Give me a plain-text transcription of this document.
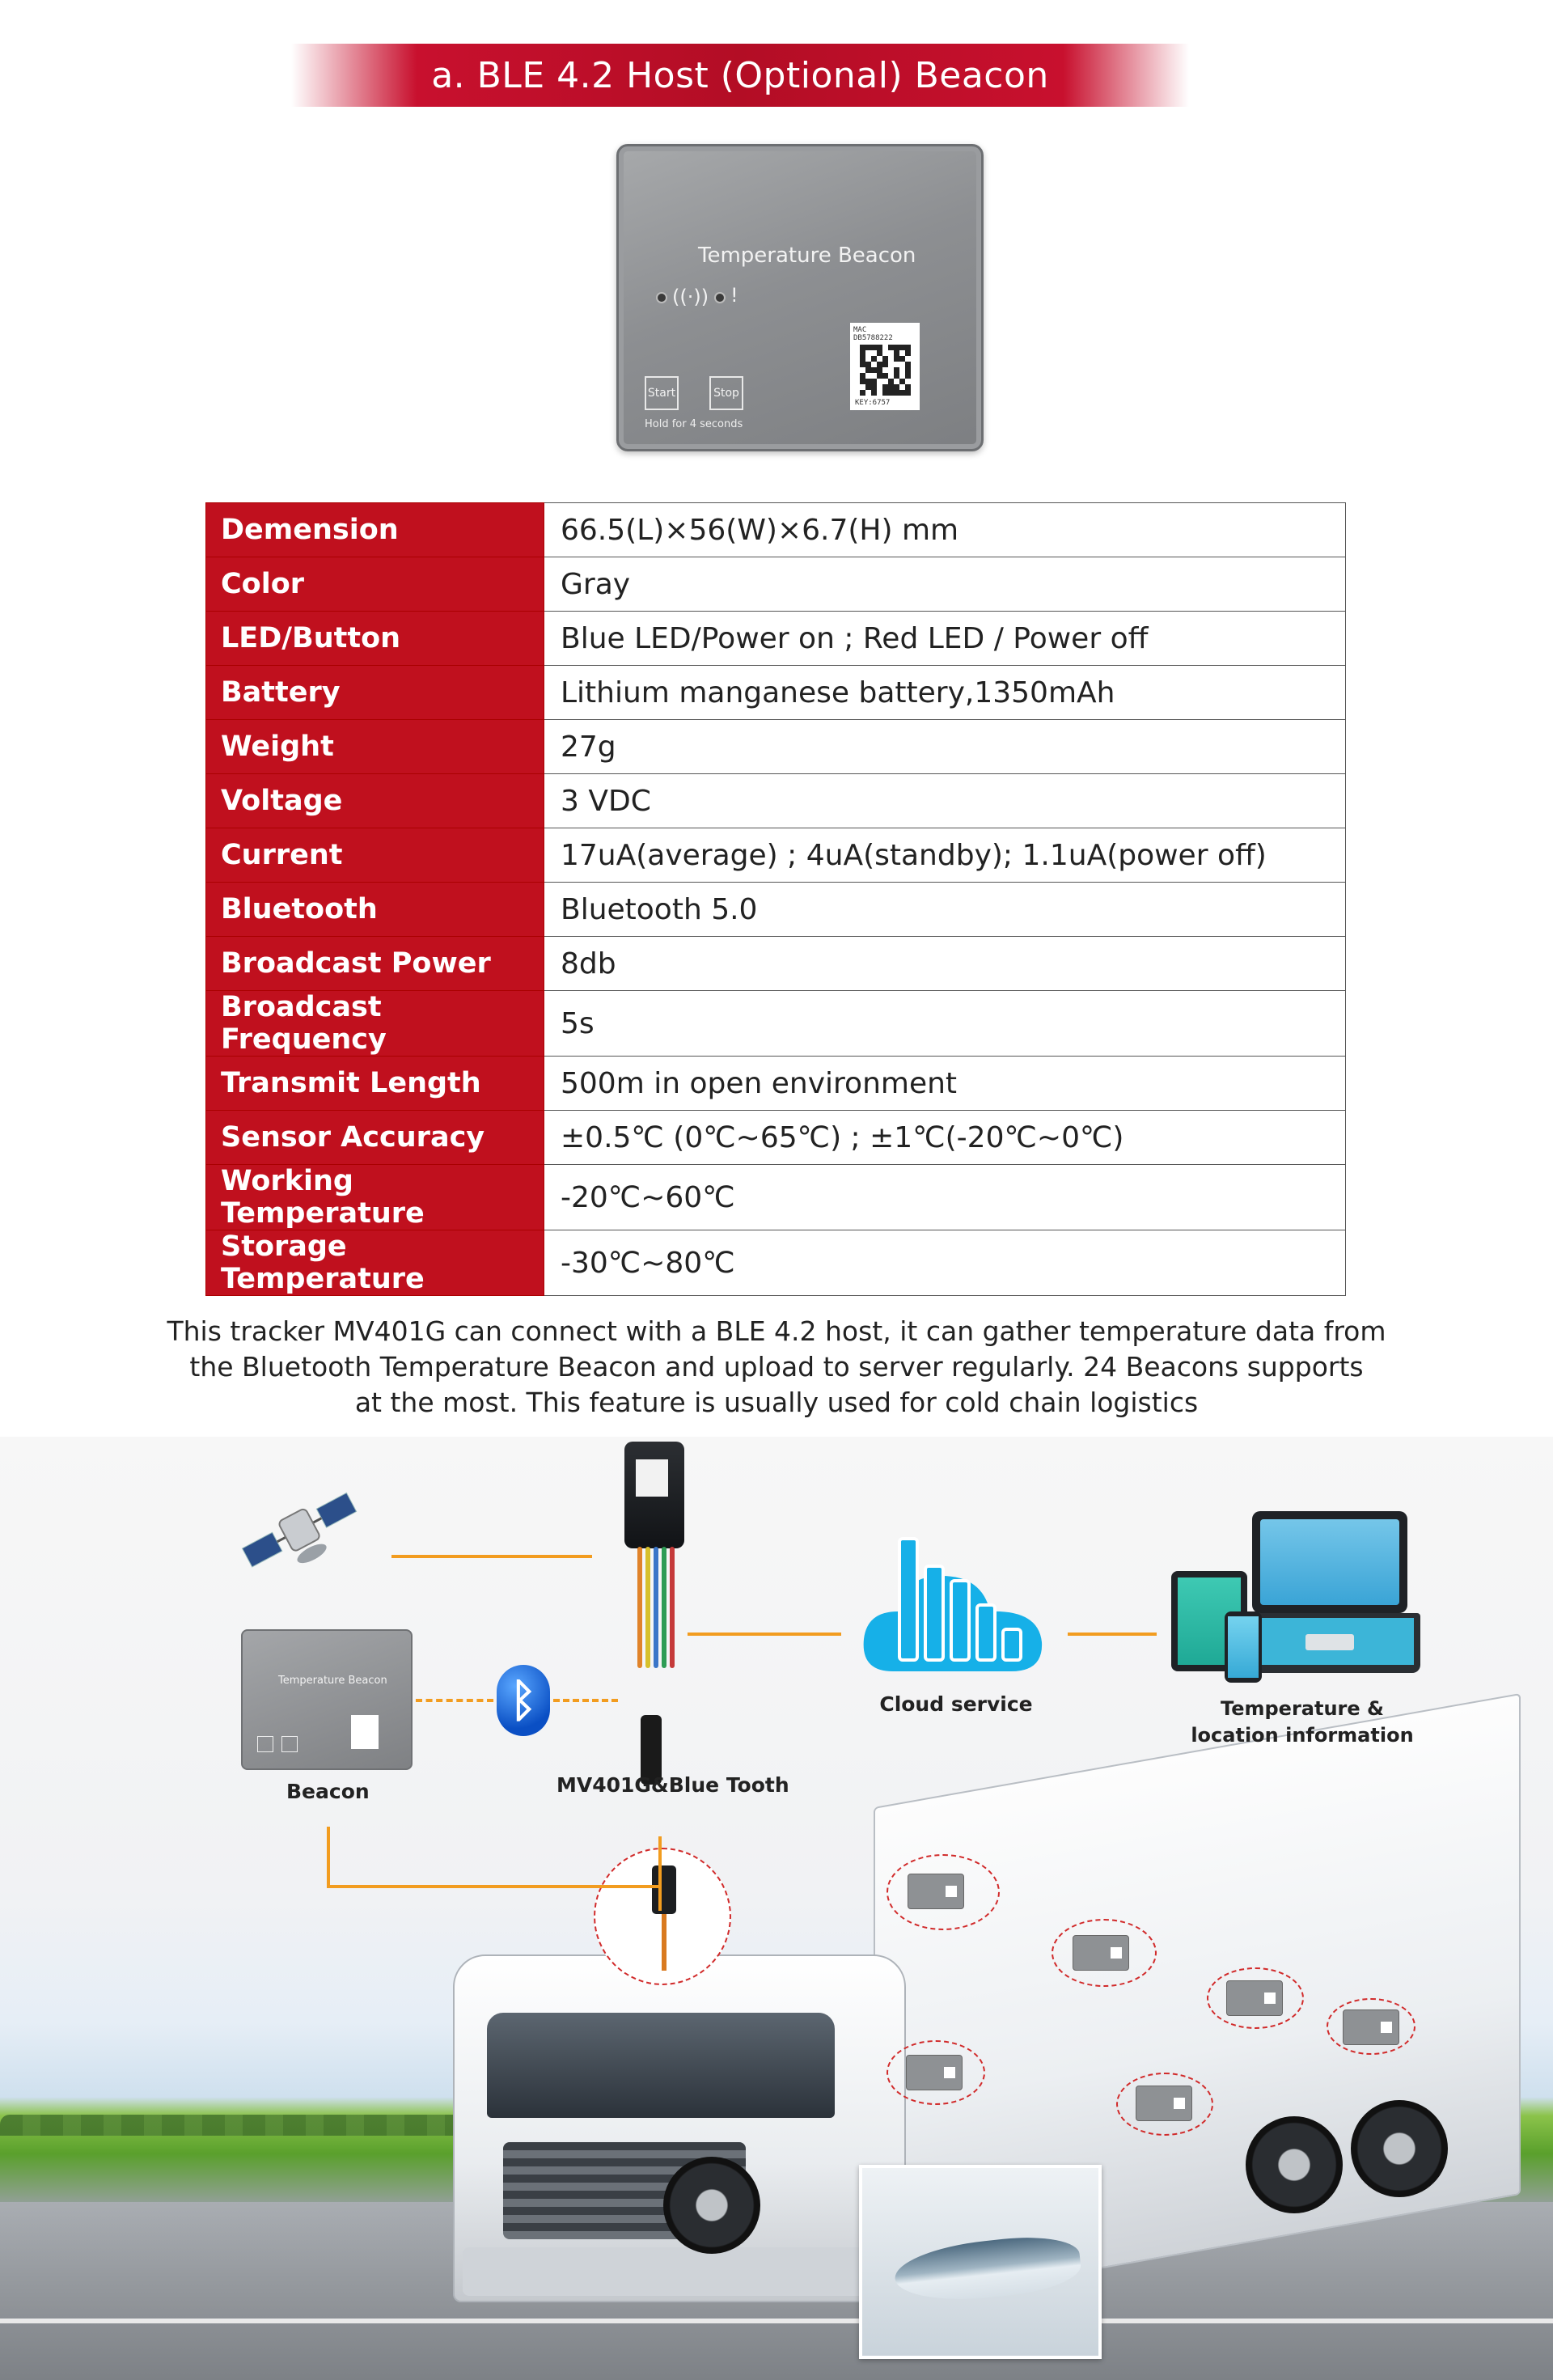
a. BLE 4.2 Host (Optional) Beacon
Temperature Beacon
((·)) !
Start	Stop
Hold for 4 seconds
MAC
DB5788222
KEY:6757
Demension	66.5(L)×56(W)×6.7(H) mm
Color	Gray
LED/Button	Blue LED/Power on ; Red LED / Power off
Battery	Lithium manganese battery,1350mAh
Weight	27g
Voltage	3 VDC
Current	17uA(average) ; 4uA(standby); 1.1uA(power off)
Bluetooth	Bluetooth 5.0
Broadcast Power	8db
Broadcast Frequency	5s
Transmit Length	500m in open environment
Sensor Accuracy	±0.5℃ (0℃~65℃) ; ±1℃(-20℃~0℃)
Working Temperature	-20℃~60℃
Storage Temperature	-30℃~80℃
This tracker MV401G can connect with a BLE 4.2 host, it can gather temperature data from
the Bluetooth Temperature Beacon and upload to server regularly. 24 Beacons supports
at the most. This feature is usually used for cold chain logistics
Temperature Beacon
Beacon
ᛒ
MV401G&Blue Tooth
Cloud service	Temperature &
location information
